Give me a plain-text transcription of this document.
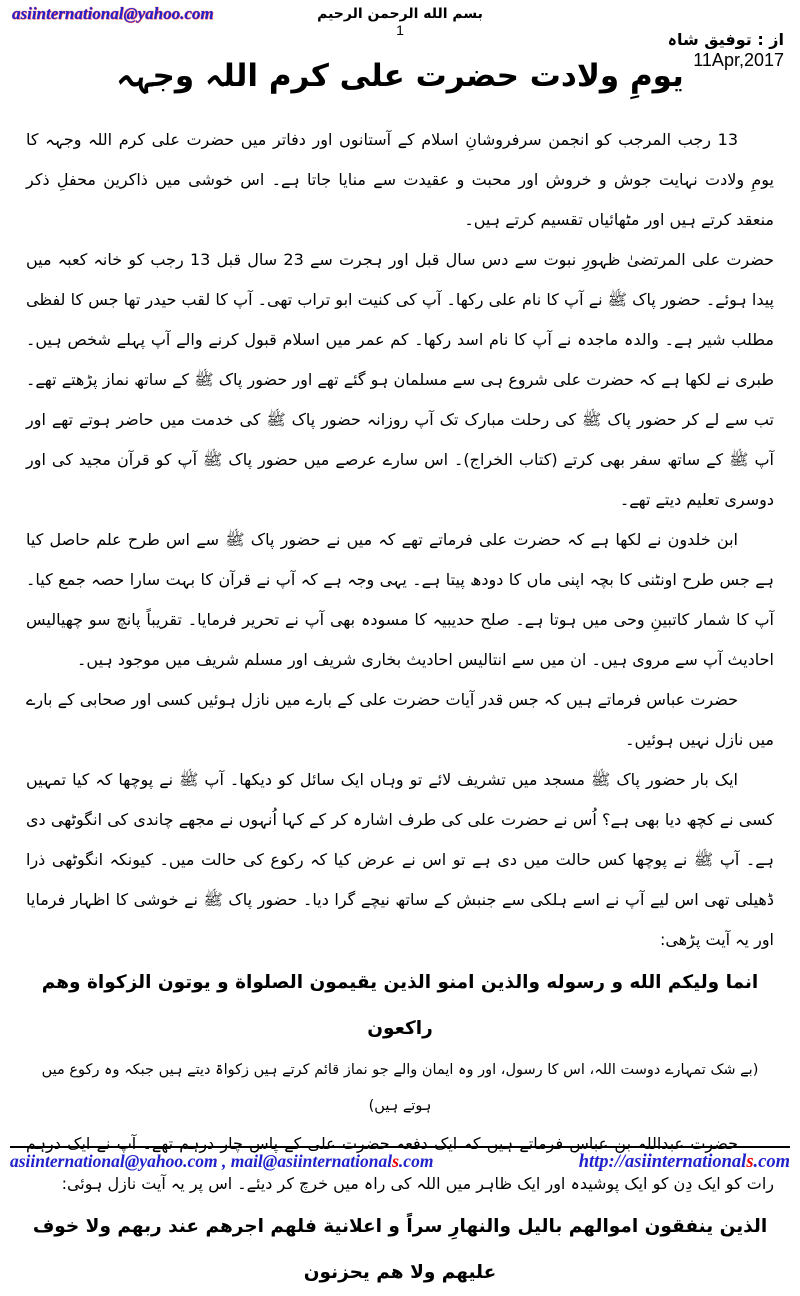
asiinternational@yahoo.com	بسم الله الرحمن الرحيم
1	از : توفیق شاہ
11Apr,2017
یومِ ولادت حضرت علی کرم اللہ وجہہ

13 رجب المرجب کو انجمن سرفروشانِ اسلام کے آستانوں اور دفاتر میں حضرت علی کرم اللہ وجہہ کا یومِ ولادت نہایت جوش و خروش اور محبت و عقیدت سے منایا جاتا ہے۔ اس خوشی میں ذاکرین محفلِ ذکر منعقد کرتے ہیں اور مٹھائیاں تقسیم کرتے ہیں۔

حضرت علی المرتضیٰ ظہورِ نبوت سے دس سال قبل اور ہجرت سے 23 سال قبل 13 رجب کو خانہ کعبہ میں پیدا ہوئے۔ حضور پاک ﷺ نے آپ کا نام علی رکھا۔ آپ کی کنیت ابو تراب تھی۔ آپ کا لقب حیدر تھا جس کا لفظی مطلب شیر ہے۔ والدہ ماجدہ نے آپ کا نام اسد رکھا۔ کم عمر میں اسلام قبول کرنے والے آپ پہلے شخص ہیں۔ طبری نے لکھا ہے کہ حضرت علی شروع ہی سے مسلمان ہو گئے تھے اور حضور پاک ﷺ کے ساتھ نماز پڑھتے تھے۔ تب سے لے کر حضور پاک ﷺ کی رحلت مبارک تک آپ روزانہ حضور پاک ﷺ کی خدمت میں حاضر ہوتے تھے اور آپ ﷺ کے ساتھ سفر بھی کرتے (کتاب الخراج)۔ اس سارے عرصے میں حضور پاک ﷺ آپ کو قرآن مجید کی اور دوسری تعلیم دیتے تھے۔

ابن خلدون نے لکھا ہے کہ حضرت علی فرماتے تھے کہ میں نے حضور پاک ﷺ سے اس طرح علم حاصل کیا ہے جس طرح اونٹنی کا بچہ اپنی ماں کا دودھ پیتا ہے۔ یہی وجہ ہے کہ آپ نے قرآن کا بہت سارا حصہ جمع کیا۔ آپ کا شمار کاتبینِ وحی میں ہوتا ہے۔ صلح حدیبیہ کا مسودہ بھی آپ نے تحریر فرمایا۔ تقریباً پانچ سو چھیالیس احادیث آپ سے مروی ہیں۔ ان میں سے انتالیس احادیث بخاری شریف اور مسلم شریف میں موجود ہیں۔

حضرت عباس فرماتے ہیں کہ جس قدر آیات حضرت علی کے بارے میں نازل ہوئیں کسی اور صحابی کے بارے میں نازل نہیں ہوئیں۔

ایک بار حضور پاک ﷺ مسجد میں تشریف لائے تو وہاں ایک سائل کو دیکھا۔ آپ ﷺ نے پوچھا کہ کیا تمہیں کسی نے کچھ دیا بھی ہے؟ اُس نے حضرت علی کی طرف اشارہ کر کے کہا اُنہوں نے مجھے چاندی کی انگوٹھی دی ہے۔ آپ ﷺ نے پوچھا کس حالت میں دی ہے تو اس نے عرض کیا کہ رکوع کی حالت میں۔ کیونکہ انگوٹھی ذرا ڈھیلی تھی اس لیے آپ نے اسے ہلکی سے جنبش کے ساتھ نیچے گرا دیا۔ حضور پاک ﷺ نے خوشی کا اظہار فرمایا اور یہ آیت پڑھی:

انما وليكم الله و رسوله والذين امنو الذين يقيمون الصلواة و يوتون الزكواة وهم راكعون

(بے شک تمہارے دوست اللہ، اس کا رسول، اور وہ ایمان والے جو نماز قائم کرتے ہیں زکواۃ دیتے ہیں جبکہ وہ رکوع میں ہوتے ہیں)

حضرت عبداللہ بن عباس فرماتے ہیں کہ ایک دفعہ حضرت علی کے پاس چار درہم تھے۔ آپ نے ایک درہم رات کو ایک دِن کو ایک پوشیدہ اور ایک ظاہر میں اللہ کی راہ میں خرچ کر دیئے۔ اس پر یہ آیت نازل ہوئی:

الذين ينفقون اموالهم باليل والنهارِ سراً و اعلانية فلهم اجرهم عند ربهم ولا خوف عليهم ولا هم يحزنون

asiinternational@yahoo.com , mail@asiinternationals.com	http://asiinternationals.com
